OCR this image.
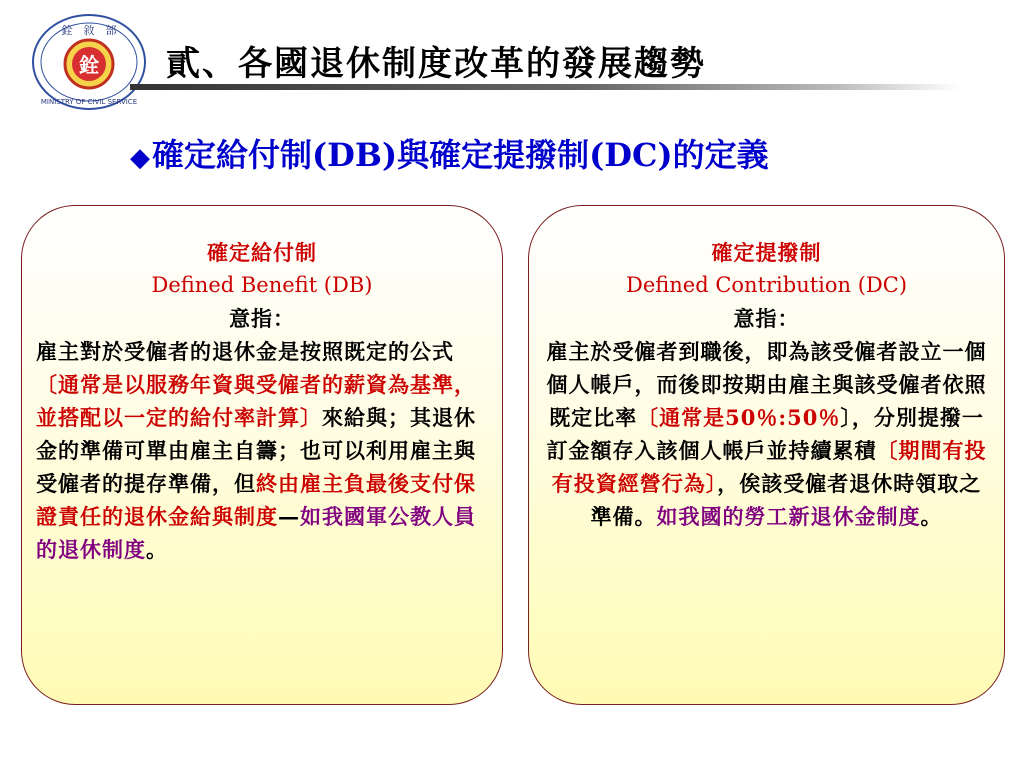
銓
銓　敘　部
MINISTRY OF CIVIL SERVICE
貳、各國退休制度改革的發展趨勢
◆確定給付制(DB)與確定提撥制(DC)的定義
確定給付制
Defined Benefit (DB)
意指：
雇主對於受僱者的退休金是按照既定的公式〔通常是以服務年資與受僱者的薪資為基準，並搭配以一定的給付率計算〕來給與；其退休金的準備可單由雇主自籌；也可以利用雇主與受僱者的提存準備，但終由雇主負最後支付保證責任的退休金給與制度—如我國軍公教人員的退休制度。
確定提撥制
Defined Contribution (DC)
意指：
雇主於受僱者到職後，即為該受僱者設立一個個人帳戶，而後即按期由雇主與該受僱者依照既定比率〔通常是50％:50％〕，分別提撥一訂金額存入該個人帳戶並持續累積〔期間有投有投資經營行為〕，俟該受僱者退休時領取之準備。如我國的勞工新退休金制度。
